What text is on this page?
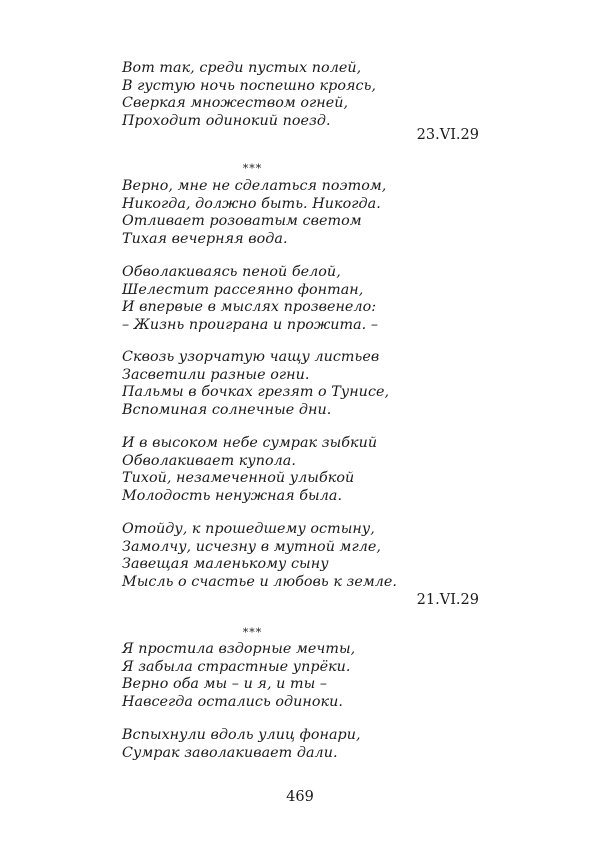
Вот так, среди пустых полей,
В густую ночь поспешно кроясь,
Сверкая множеством огней,
Проходит одинокий поезд.
23.VI.29
***
Верно, мне не сделаться поэтом,
Никогда, должно быть. Никогда.
Отливает розоватым светом
Тихая вечерняя вода.
Обволакиваясь пеной белой,
Шелестит рассеянно фонтан,
И впервые в мыслях прозвенело:
– Жизнь проиграна и прожита. –
Сквозь узорчатую чащу листьев
Засветили разные огни.
Пальмы в бочках грезят о Тунисе,
Вспоминая солнечные дни.
И в высоком небе сумрак зыбкий
Обволакивает купола.
Тихой, незамеченной улыбкой
Молодость ненужная была.
Отойду, к прошедшему остыну,
Замолчу, исчезну в мутной мгле,
Завещая маленькому сыну
Мысль о счастье и любовь к земле.
21.VI.29
***
Я простила вздорные мечты,
Я забыла страстные упрёки.
Верно оба мы – и я, и ты –
Навсегда остались одиноки.
Вспыхнули вдоль улиц фонари,
Сумрак заволакивает дали.
469
